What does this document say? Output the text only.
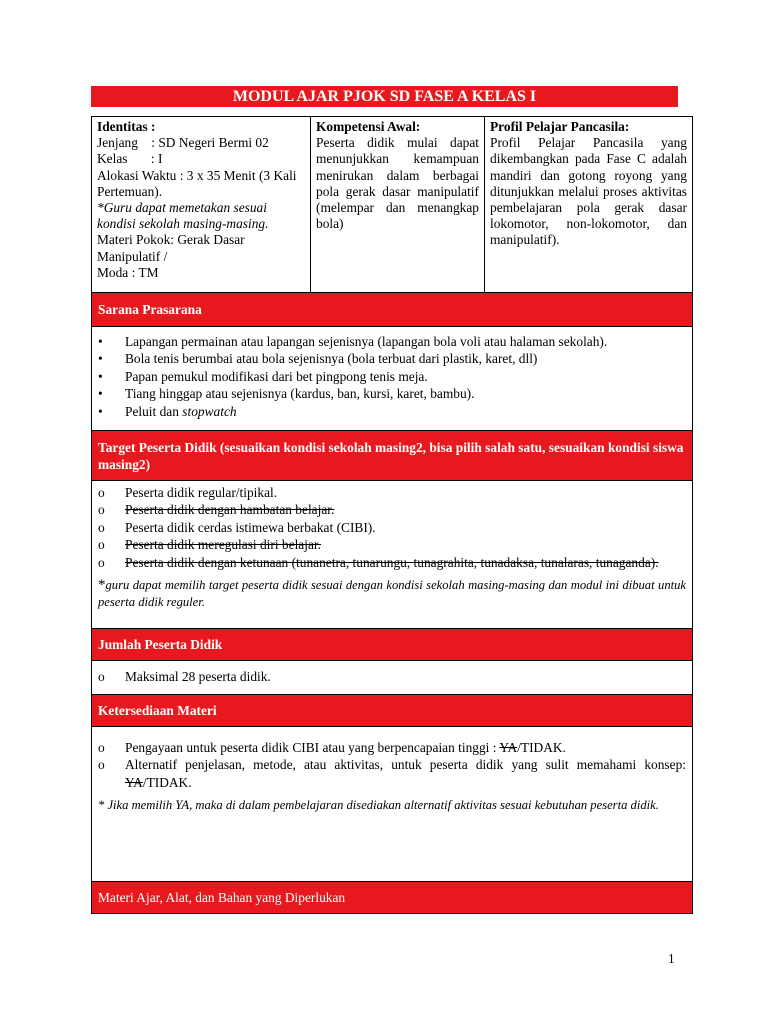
MODUL AJAR PJOK SD FASE A KELAS I
Identitas :
Jenjang    : SD Negeri Bermi 02
Kelas       : I
Alokasi Waktu : 3 x 35 Menit (3 Kali Pertemuan).
*Guru dapat memetakan sesuai kondisi sekolah masing-masing.
Materi Pokok: Gerak Dasar Manipulatif /
Moda : TM
Kompetensi Awal:
Peserta didik mulai dapat menunjukkan kemampuan menirukan dalam berbagai pola gerak dasar manipulatif (melempar dan menangkap bola)
Profil Pelajar Pancasila:
Profil Pelajar Pancasila yang dikembangkan pada Fase C adalah mandiri dan gotong royong yang ditunjukkan melalui proses aktivitas pembelajaran pola gerak dasar lokomotor, non-lokomotor, dan manipulatif).
Sarana Prasarana
•	Lapangan permainan atau lapangan sejenisnya (lapangan bola voli atau halaman sekolah).
•	Bola tenis berumbai atau bola sejenisnya (bola terbuat dari plastik, karet, dll)
•	Papan pemukul modifikasi dari bet pingpong tenis meja.
•	Tiang hinggap atau sejenisnya (kardus, ban, kursi, karet, bambu).
•	Peluit dan stopwatch
Target Peserta Didik (sesuaikan kondisi sekolah masing2, bisa pilih salah satu, sesuaikan kondisi siswa masing2)
o	Peserta didik regular/tipikal.
o	Peserta didik dengan hambatan belajar.
o	Peserta didik cerdas istimewa berbakat (CIBI).
o	Peserta didik meregulasi diri belajar.
o	Peserta didik dengan ketunaan (tunanetra, tunarungu, tunagrahita, tunadaksa, tunalaras, tunaganda).
*guru dapat memilih target peserta didik sesuai dengan kondisi sekolah masing-masing dan modul ini dibuat untuk peserta didik reguler.
Jumlah Peserta Didik
o	Maksimal 28 peserta didik.
Ketersediaan Materi
o	Pengayaan untuk peserta didik CIBI atau yang berpencapaian tinggi : YA/TIDAK.
o	Alternatif penjelasan, metode, atau aktivitas, untuk peserta didik yang sulit memahami konsep: YA/TIDAK.
* Jika memilih YA, maka di dalam pembelajaran disediakan alternatif aktivitas sesuai kebutuhan peserta didik.
Materi Ajar, Alat, dan Bahan yang Diperlukan
1
